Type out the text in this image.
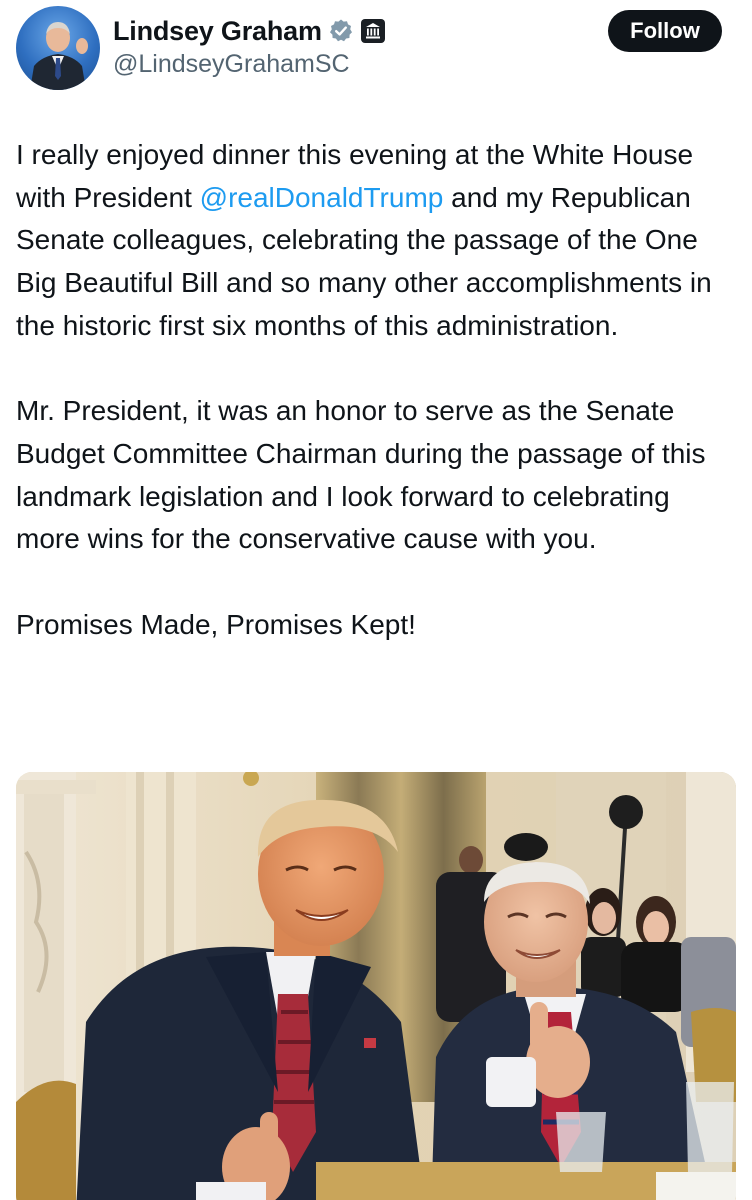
Lindsey Graham
@LindseyGrahamSC
Follow

I really enjoyed dinner this evening at the White House with President @realDonaldTrump and my Republican Senate colleagues, celebrating the passage of the One Big Beautiful Bill and so many other accomplishments in the historic first six months of this administration.

Mr. President, it was an honor to serve as the Senate Budget Committee Chairman during the passage of this landmark legislation and I look forward to celebrating more wins for the conservative cause with you.

Promises Made, Promises Kept!
